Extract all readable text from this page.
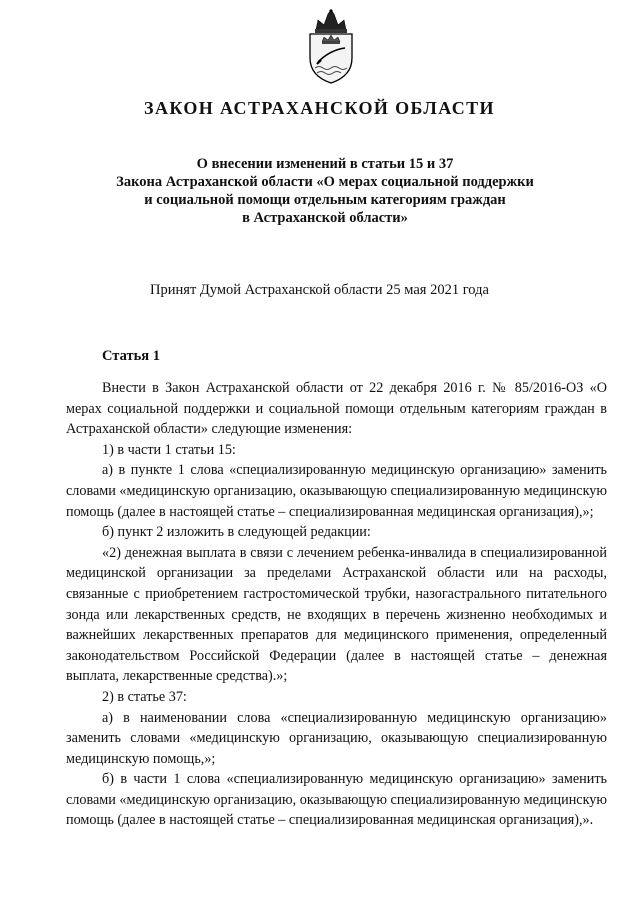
ЗАКОН АСТРАХАНСКОЙ ОБЛАСТИ
О внесении изменений в статьи 15 и 37
Закона Астраханской области «О мерах социальной поддержки
и социальной помощи отдельным категориям граждан
в Астраханской области»
Принят Думой Астраханской области 25 мая 2021 года
Статья 1

Внести в Закон Астраханской области от 22 декабря 2016 г. № 85/2016-ОЗ «О мерах социальной поддержки и социальной помощи отдельным категориям граждан в Астраханской области» следующие изменения:

1) в части 1 статьи 15:

а) в пункте 1 слова «специализированную медицинскую организацию» заменить словами «медицинскую организацию, оказывающую специализированную медицинскую помощь (далее в настоящей статье – специализированная медицинская организация),»;

б) пункт 2 изложить в следующей редакции:

«2) денежная выплата в связи с лечением ребенка-инвалида в специализированной медицинской организации за пределами Астраханской области или на расходы, связанные с приобретением гастростомической трубки, назогастрального питательного зонда или лекарственных средств, не входящих в перечень жизненно необходимых и важнейших лекарственных препаратов для медицинского применения, определенный законодательством Российской Федерации (далее в настоящей статье – денежная выплата, лекарственные средства).»;

2) в статье 37:

а) в наименовании слова «специализированную медицинскую организацию» заменить словами «медицинскую организацию, оказывающую специализированную медицинскую помощь,»;

б) в части 1 слова «специализированную медицинскую организацию» заменить словами «медицинскую организацию, оказывающую специализированную медицинскую помощь (далее в настоящей статье – специализированная медицинская организация),».
